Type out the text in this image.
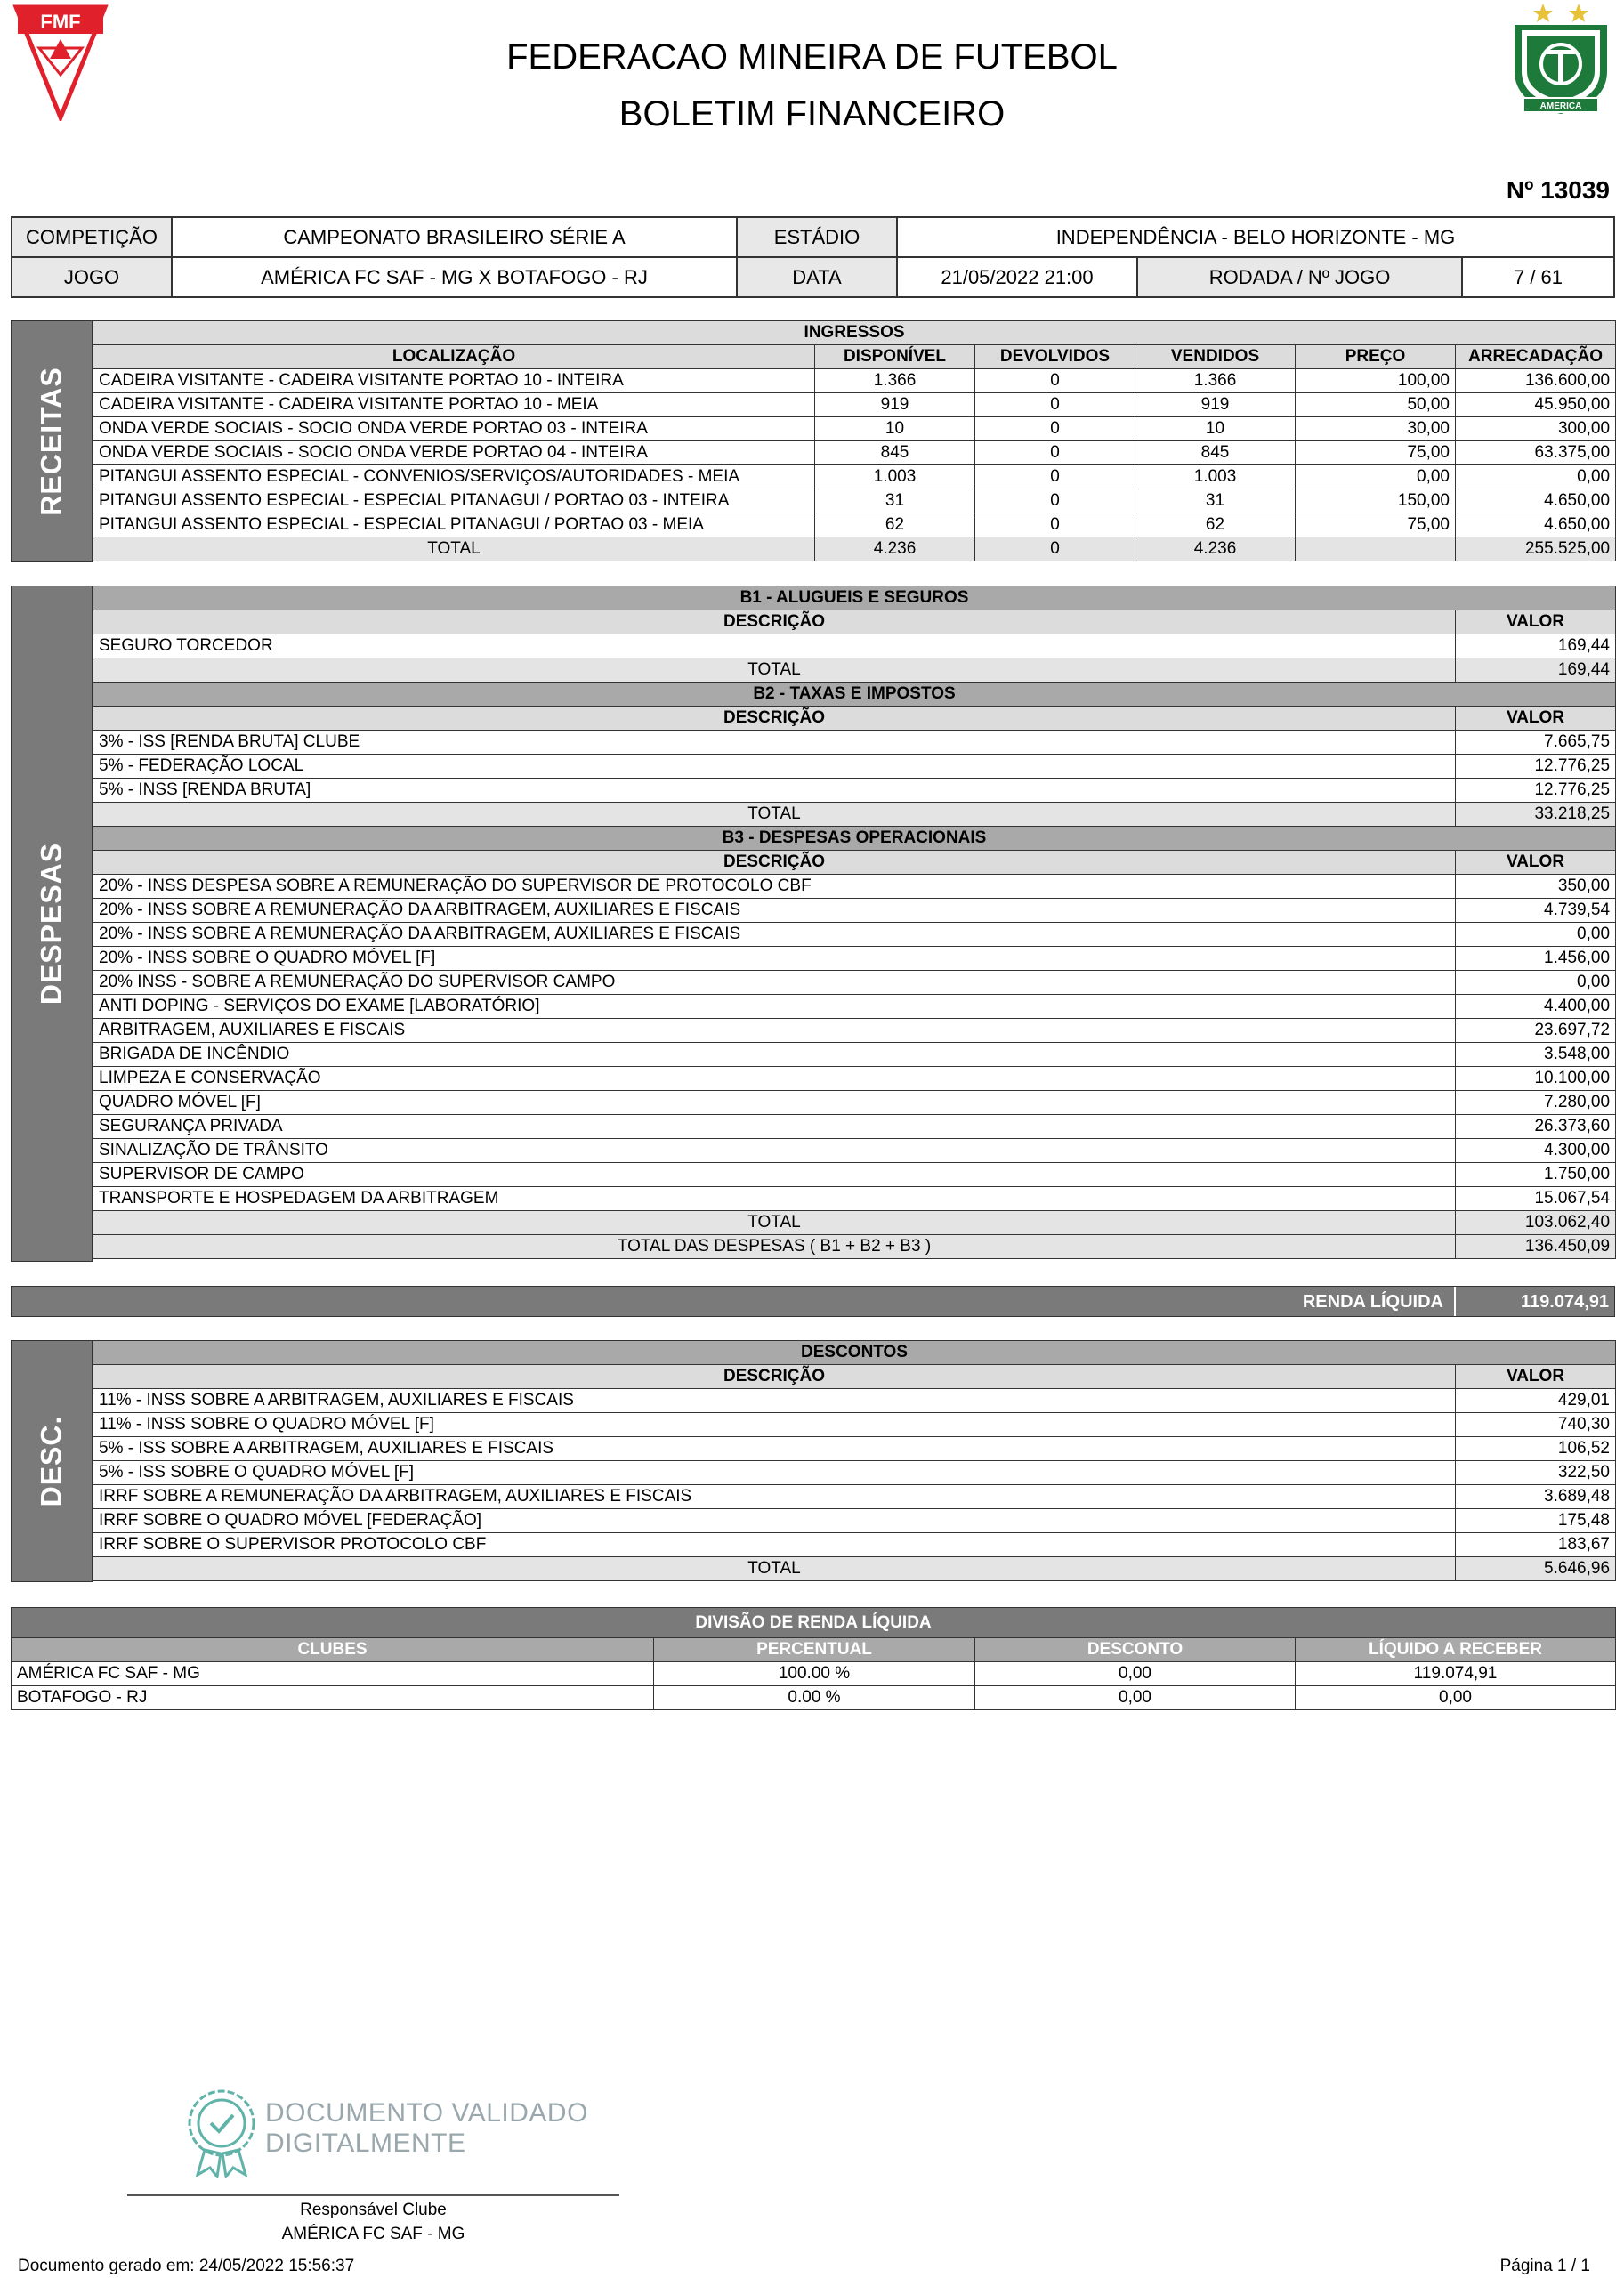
FMF
FEDERACAO MINEIRA DE FUTEBOL
BOLETIM FINANCEIRO	AMÉRICA
Nº 13039
COMPETIÇÃO	CAMPEONATO BRASILEIRO SÉRIE A	ESTÁDIO	INDEPENDÊNCIA - BELO HORIZONTE - MG		
JOGO	AMÉRICA FC SAF - MG X BOTAFOGO - RJ	DATA	21/05/2022 21:00	RODADA / Nº JOGO	7 / 61
RECEITAS
INGRESSOS					
LOCALIZAÇÃO	DISPONÍVEL	DEVOLVIDOS	VENDIDOS	PREÇO	ARRECADAÇÃO
CADEIRA VISITANTE - CADEIRA VISITANTE PORTAO 10 - INTEIRA	1.366	0	1.366	100,00	136.600,00
CADEIRA VISITANTE - CADEIRA VISITANTE PORTAO 10 - MEIA	919	0	919	50,00	45.950,00
ONDA VERDE SOCIAIS - SOCIO ONDA VERDE PORTAO 03 - INTEIRA	10	0	10	30,00	300,00
ONDA VERDE SOCIAIS - SOCIO ONDA VERDE PORTAO 04 - INTEIRA	845	0	845	75,00	63.375,00
PITANGUI ASSENTO ESPECIAL - CONVENIOS/SERVIÇOS/AUTORIDADES - MEIA	1.003	0	1.003	0,00	0,00
PITANGUI ASSENTO ESPECIAL - ESPECIAL PITANAGUI / PORTAO 03 - INTEIRA	31	0	31	150,00	4.650,00
PITANGUI ASSENTO ESPECIAL - ESPECIAL PITANAGUI / PORTAO 03 - MEIA	62	0	62	75,00	4.650,00
TOTAL	4.236	0	4.236		255.525,00
DESPESAS
B1 - ALUGUEIS E SEGUROS	
DESCRIÇÃO	VALOR
SEGURO TORCEDOR	169,44
TOTAL	169,44
B2 - TAXAS E IMPOSTOS	
DESCRIÇÃO	VALOR
3% - ISS [RENDA BRUTA] CLUBE	7.665,75
5% - FEDERAÇÃO LOCAL	12.776,25
5% - INSS [RENDA BRUTA]	12.776,25
TOTAL	33.218,25
B3 - DESPESAS OPERACIONAIS	
DESCRIÇÃO	VALOR
20% - INSS DESPESA SOBRE A REMUNERAÇÃO DO SUPERVISOR DE PROTOCOLO CBF	350,00
20% - INSS SOBRE A REMUNERAÇÃO DA ARBITRAGEM, AUXILIARES E FISCAIS	4.739,54
20% - INSS SOBRE A REMUNERAÇÃO DA ARBITRAGEM, AUXILIARES E FISCAIS	0,00
20% - INSS SOBRE O QUADRO MÓVEL [F]	1.456,00
20% INSS - SOBRE A REMUNERAÇÃO DO SUPERVISOR CAMPO	0,00
ANTI DOPING - SERVIÇOS DO EXAME [LABORATÓRIO]	4.400,00
ARBITRAGEM, AUXILIARES E FISCAIS	23.697,72
BRIGADA DE INCÊNDIO	3.548,00
LIMPEZA E CONSERVAÇÃO	10.100,00
QUADRO MÓVEL [F]	7.280,00
SEGURANÇA PRIVADA	26.373,60
SINALIZAÇÃO DE TRÂNSITO	4.300,00
SUPERVISOR DE CAMPO	1.750,00
TRANSPORTE E HOSPEDAGEM DA ARBITRAGEM	15.067,54
TOTAL	103.062,40
TOTAL DAS DESPESAS ( B1 + B2 + B3 )	136.450,09
RENDA LÍQUIDA	119.074,91
DESC.
DESCONTOS	
DESCRIÇÃO	VALOR
11% - INSS SOBRE A ARBITRAGEM, AUXILIARES E FISCAIS	429,01
11% - INSS SOBRE O QUADRO MÓVEL [F]	740,30
5% - ISS SOBRE A ARBITRAGEM, AUXILIARES E FISCAIS	106,52
5% - ISS SOBRE O QUADRO MÓVEL [F]	322,50
IRRF SOBRE A REMUNERAÇÃO DA ARBITRAGEM, AUXILIARES E FISCAIS	3.689,48
IRRF SOBRE O QUADRO MÓVEL [FEDERAÇÃO]	175,48
IRRF SOBRE O SUPERVISOR PROTOCOLO CBF	183,67
TOTAL	5.646,96
DIVISÃO DE RENDA LÍQUIDA			
CLUBES	PERCENTUAL	DESCONTO	LÍQUIDO A RECEBER
AMÉRICA FC SAF - MG	100.00 %	0,00	119.074,91
BOTAFOGO - RJ	0.00 %	0,00	0,00
DOCUMENTO VALIDADO
DIGITALMENTE
Responsável Clube
AMÉRICA FC SAF - MG
Documento gerado em: 24/05/2022 15:56:37	Página 1 / 1
